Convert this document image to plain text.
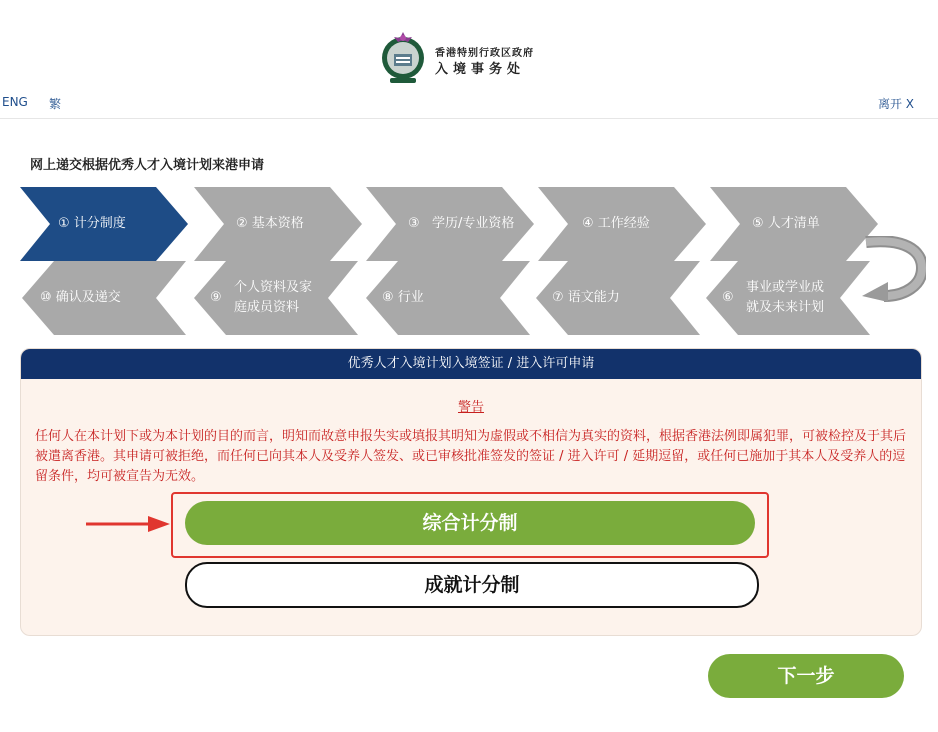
香港特别行政区政府
入境事务处
ENG 繁	离开 X
网上递交根据优秀人才入境计划来港申请
① 计分制度	② 基本资格	③ 学历/专业资格	④ 工作经验	⑤ 人才清单
⑩ 确认及递交	⑨
个人资料及家庭成员资料
⑧ 行业	⑦ 语文能力	⑥
事业或学业成就及未来计划
优秀人才入境计划入境签证 / 进入许可申请
警告
任何人在本计划下或为本计划的目的而言，明知而故意申报失实或填报其明知为虚假或不相信为真实的资料，根据香港法例即属犯罪，可被检控及于其后被遣离香港。其申请可被拒绝，而任何已向其本人及受养人签发、或已审核批准签发的签证 / 进入许可 / 延期逗留，或任何已施加于其本人及受养人的逗留条件，均可被宣告为无效。
综合计分制
成就计分制
下一步
